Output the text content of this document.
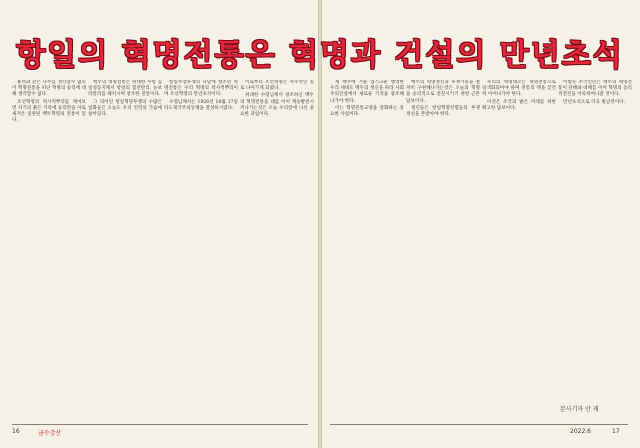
항일의 혁명전통은 혁명과 건설의 만년초석

룡려과 같은 나무를 생각할수 없듯이 혁명전통을 떠난 혁명의 승리에 대해 생각할수 없다.

조선혁명의 력사적뿌리를 캐여보면 자기의 붉은 기폭에 승리만을 아로새겨온 일관된 백두혁명의 전통이 있다.

백두의 혁명전통은 위대한 수령 김일성동지께서 항일의 혈전만리, 눈보라만리를 헤치시며 창조한 전통이다.

그 피어린 항일혁명투쟁의 수많은 일화들은 오늘도 우리 인민의 가슴에 살아있다.

항일무장투쟁의 나날에 창조된 혁명전통은 우리 혁명의 력사적뿌리이며 조선혁명의 만년초석이다.

수령님께서는 1926년 10월 17일 타도제국주의동맹을 결성하시였다.

이로부터 조선혁명은 자주적인 길로 나아가게 되였다.

위대한 수령님께서 창조하신 백두의 혁명전통을 대를 이어 계승발전시켜나가는것은 오늘 우리앞에 나선 중요한 과업이다.

세 백주에 거운 엄기고운 행영한 우리 세대도 백두의 정신을 따라 사회주의건설에서 새로운 기적을 창조해나가야 한다.

이는 혁명전통교양을 강화하는 중요한 사업이다.

백두의 혁명정신과 투쟁기풍을 철저히 구현해나가는것은 오늘의 혁명을 승리적으로 전진시키기 위한 근본담보이다.

청년들은 항일혁명선렬들의 투쟁정신을 본받아야 한다.

우리의 혁명대오는 혁명전통으로 일색화되여야 하며 전통의 맥을 굳건히 이어나가야 한다.

이것은 조국의 밝은 미래를 위한 확고한 담보이다.

이렇듯 조국인민은 백두의 혁명전통이 단해와 대해를 이어 혁명의 승리적전진을 이룩하여나갈 것이다.

만년초석으로 더욱 빛날것이다.

본사기자 안 재
16	금수강산	2022.6	17
